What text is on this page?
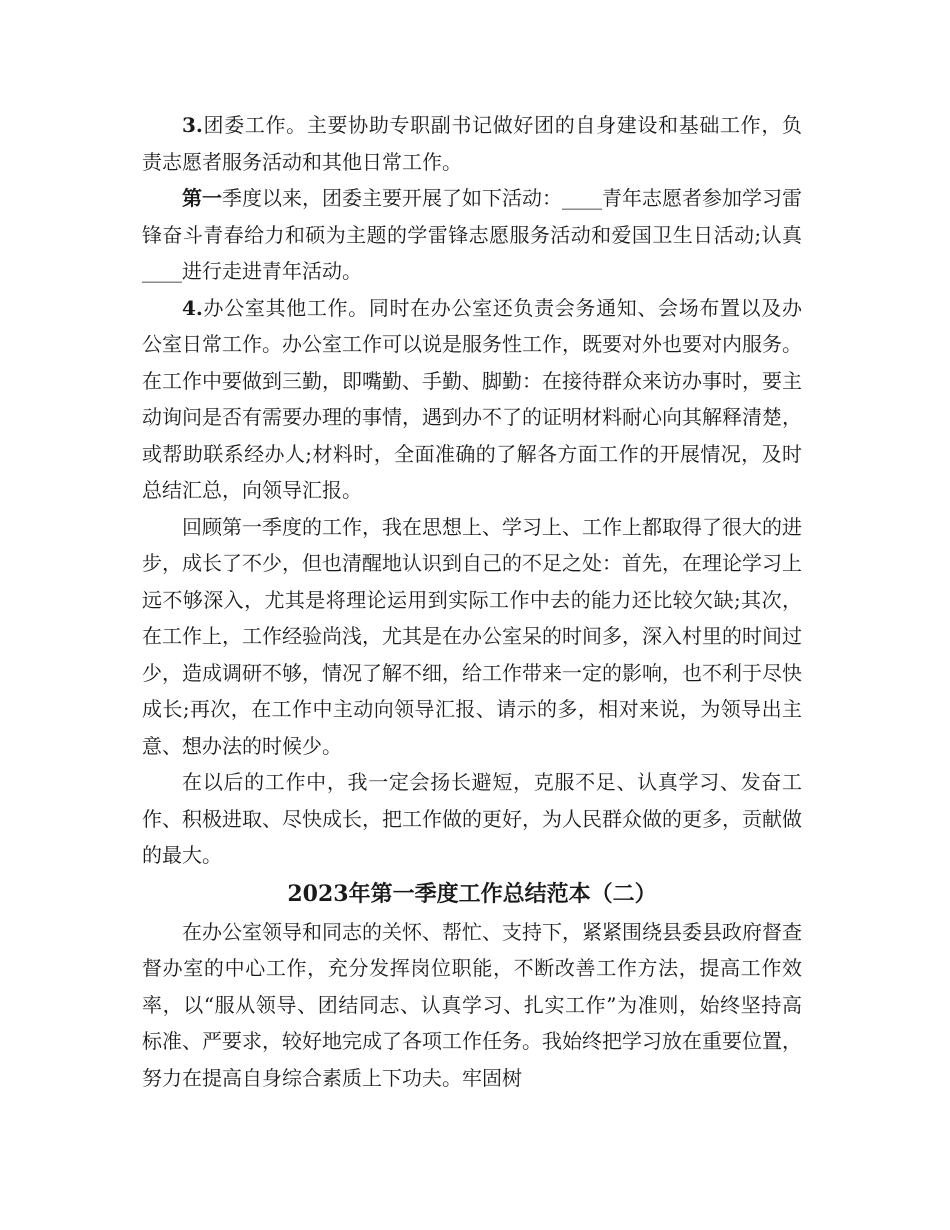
3.团委工作。主要协助专职副书记做好团的自身建设和基础工作，负责志愿者服务活动和其他日常工作。

第一季度以来，团委主要开展了如下活动：____青年志愿者参加学习雷锋奋斗青春给力和硕为主题的学雷锋志愿服务活动和爱国卫生日活动;认真____进行走进青年活动。

4.办公室其他工作。同时在办公室还负责会务通知、会场布置以及办公室日常工作。办公室工作可以说是服务性工作，既要对外也要对内服务。在工作中要做到三勤，即嘴勤、手勤、脚勤：在接待群众来访办事时，要主动询问是否有需要办理的事情，遇到办不了的证明材料耐心向其解释清楚，或帮助联系经办人;材料时，全面准确的了解各方面工作的开展情况，及时总结汇总，向领导汇报。

回顾第一季度的工作，我在思想上、学习上、工作上都取得了很大的进步，成长了不少，但也清醒地认识到自己的不足之处：首先，在理论学习上远不够深入，尤其是将理论运用到实际工作中去的能力还比较欠缺;其次，在工作上，工作经验尚浅，尤其是在办公室呆的时间多，深入村里的时间过少，造成调研不够，情况了解不细，给工作带来一定的影响，也不利于尽快成长;再次，在工作中主动向领导汇报、请示的多，相对来说，为领导出主意、想办法的时候少。

在以后的工作中，我一定会扬长避短，克服不足、认真学习、发奋工作、积极进取、尽快成长，把工作做的更好，为人民群众做的更多，贡献做的最大。

2023年第一季度工作总结范本（二）

在办公室领导和同志的关怀、帮忙、支持下，紧紧围绕县委县政府督查督办室的中心工作，充分发挥岗位职能，不断改善工作方法，提高工作效率，以“服从领导、团结同志、认真学习、扎实工作”为准则，始终坚持高标准、严要求，较好地完成了各项工作任务。我始终把学习放在重要位置，努力在提高自身综合素质上下功夫。牢固树
